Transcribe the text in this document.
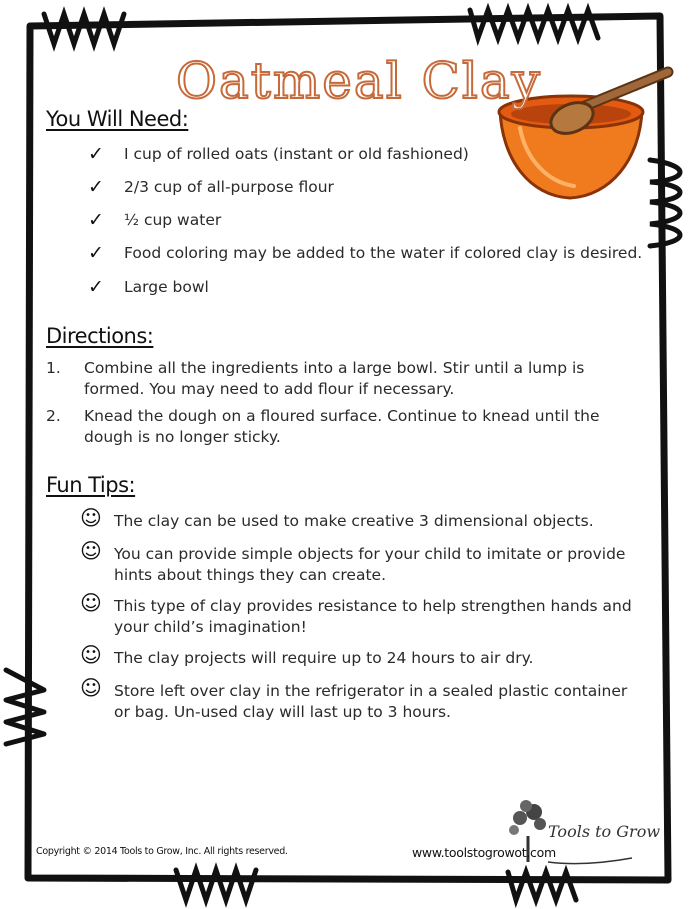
Oatmeal Clay
You Will Need:
✓ I cup of rolled oats (instant or old fashioned)
✓ 2/3 cup of all-purpose flour
✓ ½ cup water
✓ Food coloring may be added to the water if colored clay is desired.
✓ Large bowl
Directions:
1. Combine all the ingredients into a large bowl. Stir until a lump is formed. You may need to add flour if necessary.
2. Knead the dough on a floured surface. Continue to knead until the dough is no longer sticky.
Fun Tips:
☺ The clay can be used to make creative 3 dimensional objects.
☺ You can provide simple objects for your child to imitate or provide hints about things they can create.
☺ This type of clay provides resistance to help strengthen hands and your child’s imagination!
☺ The clay projects will require up to 24 hours to air dry.
☺ Store left over clay in the refrigerator in a sealed plastic container or bag. Un-used clay will last up to 3 hours.
Copyright © 2014 Tools to Grow, Inc. All rights reserved.	www.toolstogrowot.com
Tools to Grow
